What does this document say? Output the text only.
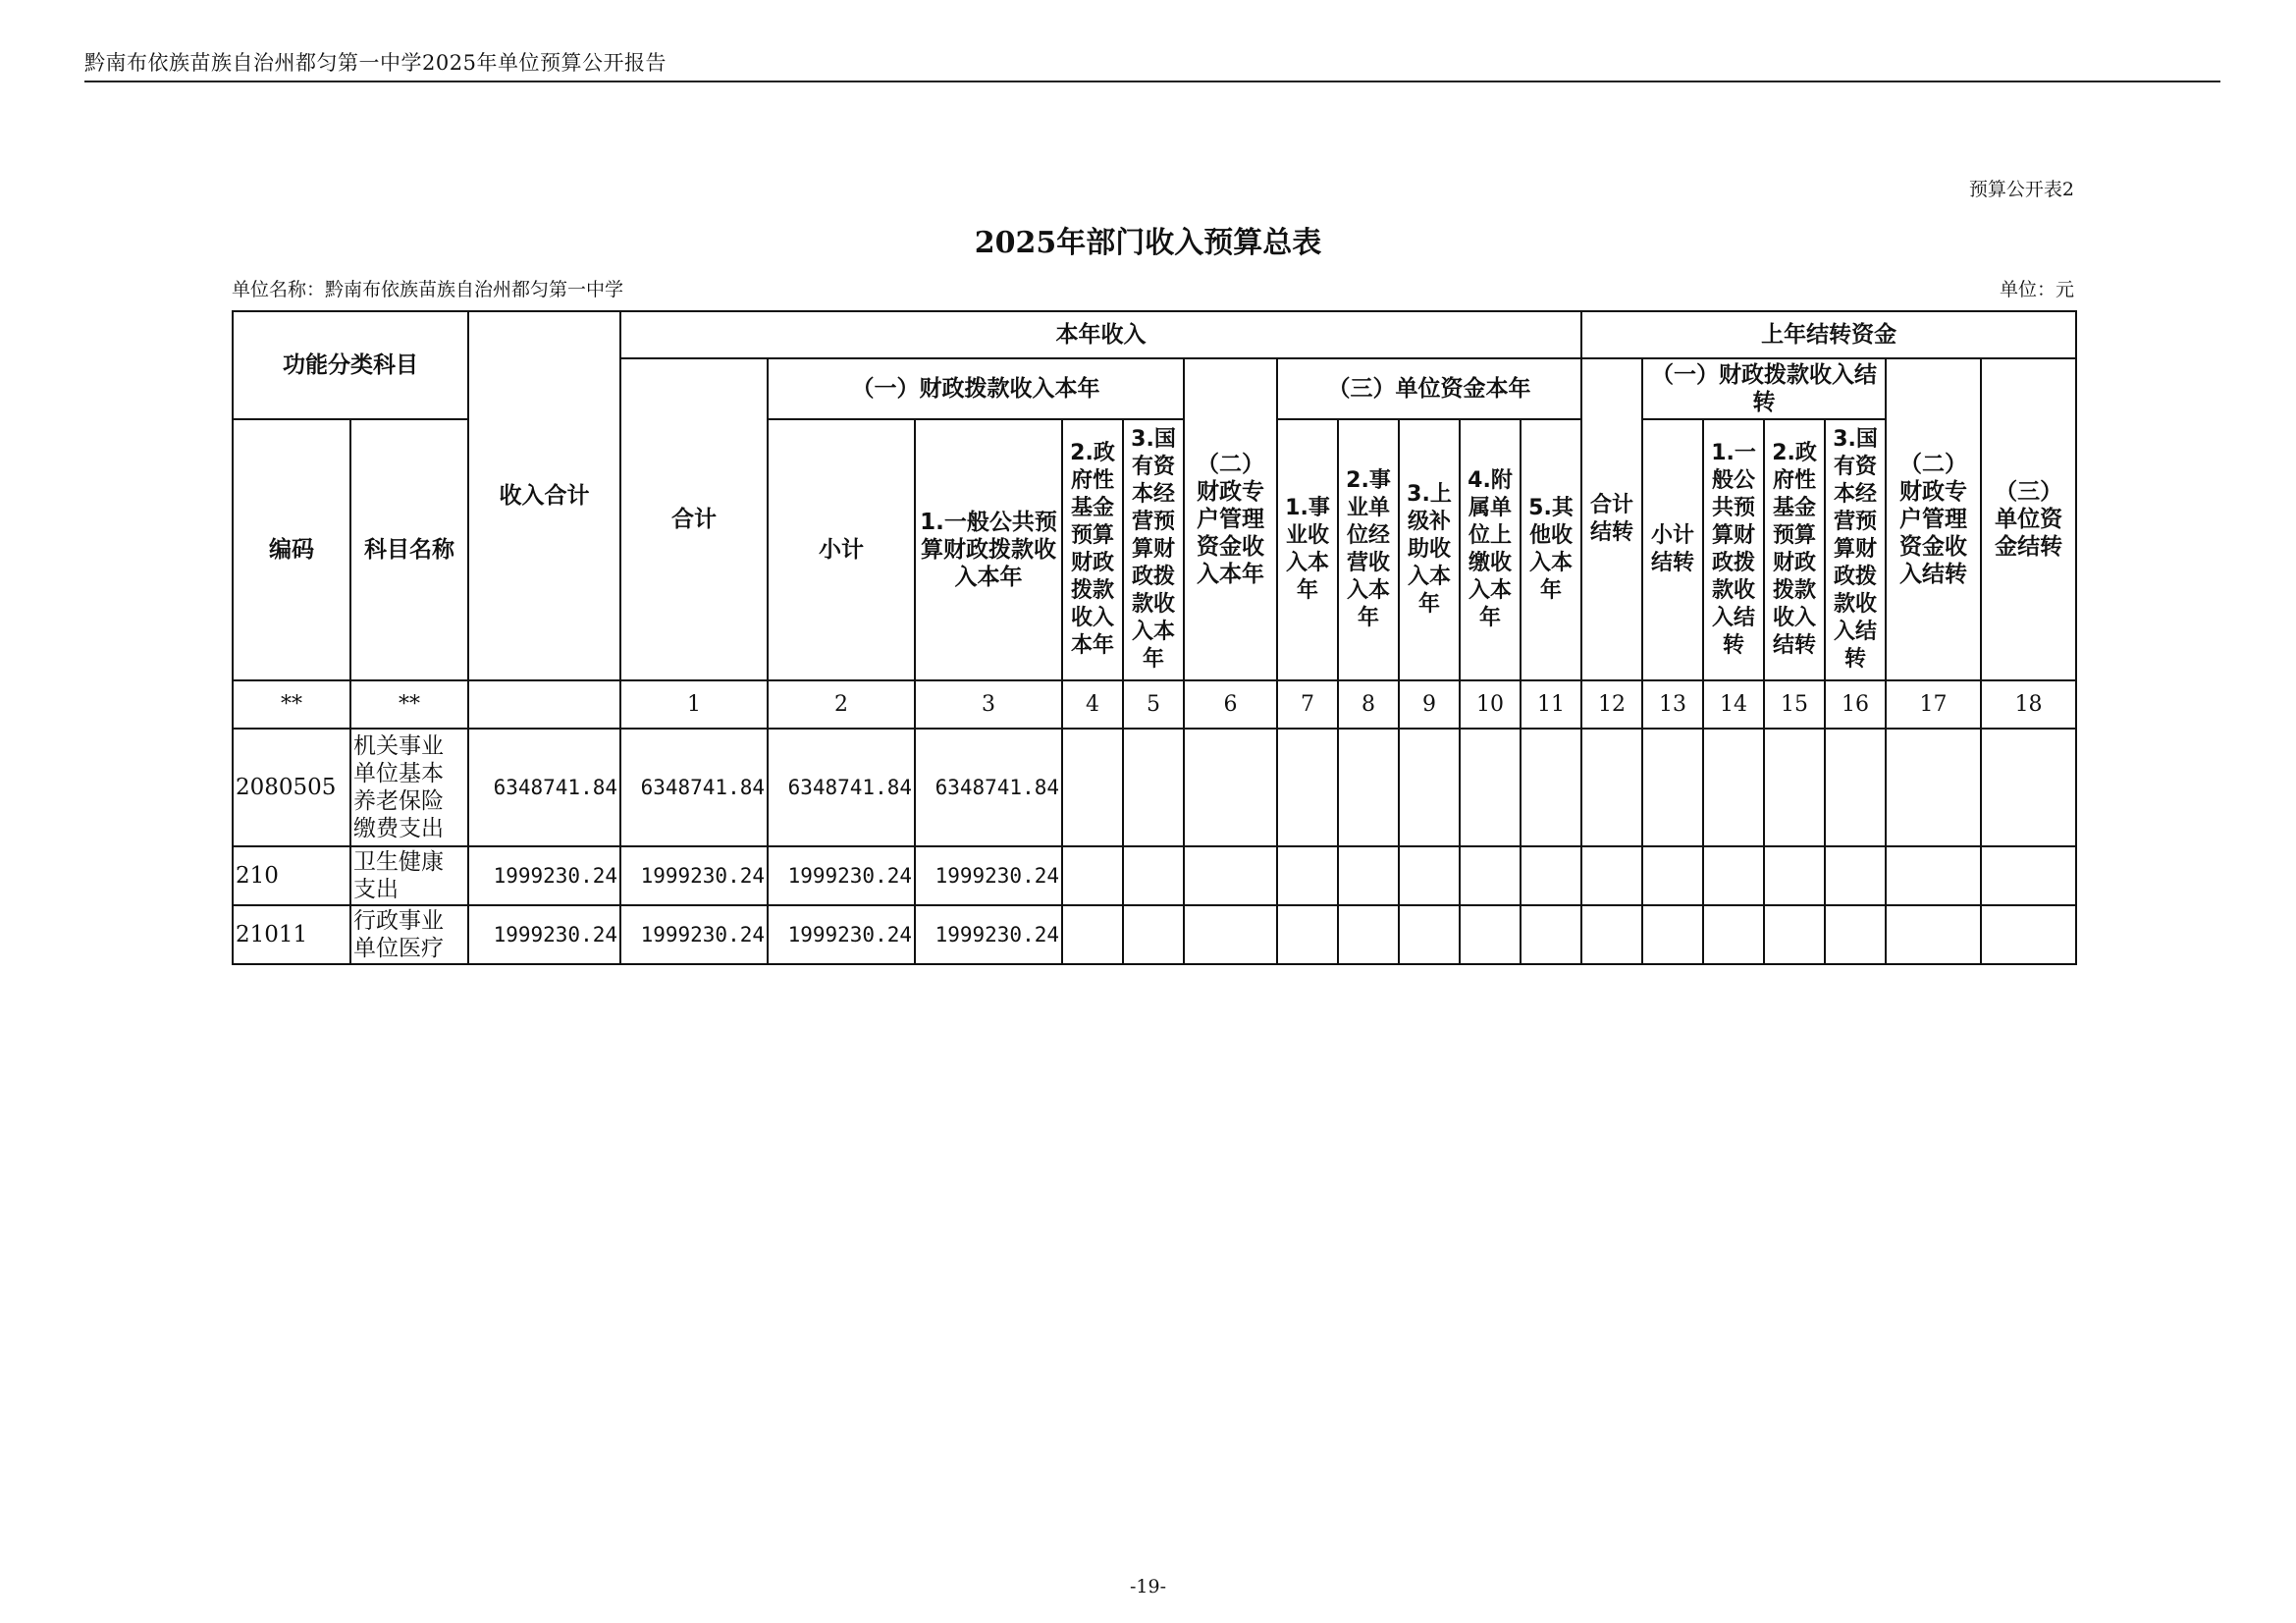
黔南布依族苗族自治州都匀第一中学2025年单位预算公开报告
预算公开表2
2025年部门收入预算总表
单位名称：黔南布依族苗族自治州都匀第一中学	单位：元
功能分类科目		收入合计	本年收入											上年结转资金						
			合计	（一）财政拨款收入本年				（二）财政专户管理资金收入本年	（三）单位资金本年					合计结转	（一）财政拨款收入结转				（二）财政专户管理资金收入结转	（三）单位资金结转
编码	科目名称			小计	1.一般公共预算财政拨款收入本年	2.政府性基金预算财政拨款收入本年	3.国有资本经营预算财政拨款收入本年		1.事业收入本年	2.事业单位经营收入本年	3.上级补助收入本年	4.附属单位上缴收入本年	5.其他收入本年		小计结转	1.一般公共预算财政拨款收入结转	2.政府性基金预算财政拨款收入结转	3.国有资本经营预算财政拨款收入结转		
**	**		1	2	3	4	5	6	7	8	9	10	11	12	13	14	15	16	17	18
2080505	机关事业单位基本养老保险缴费支出	6348741.84	6348741.84	6348741.84	6348741.84															
210	卫生健康支出	1999230.24	1999230.24	1999230.24	1999230.24															
21011	行政事业单位医疗	1999230.24	1999230.24	1999230.24	1999230.24															
-19-
